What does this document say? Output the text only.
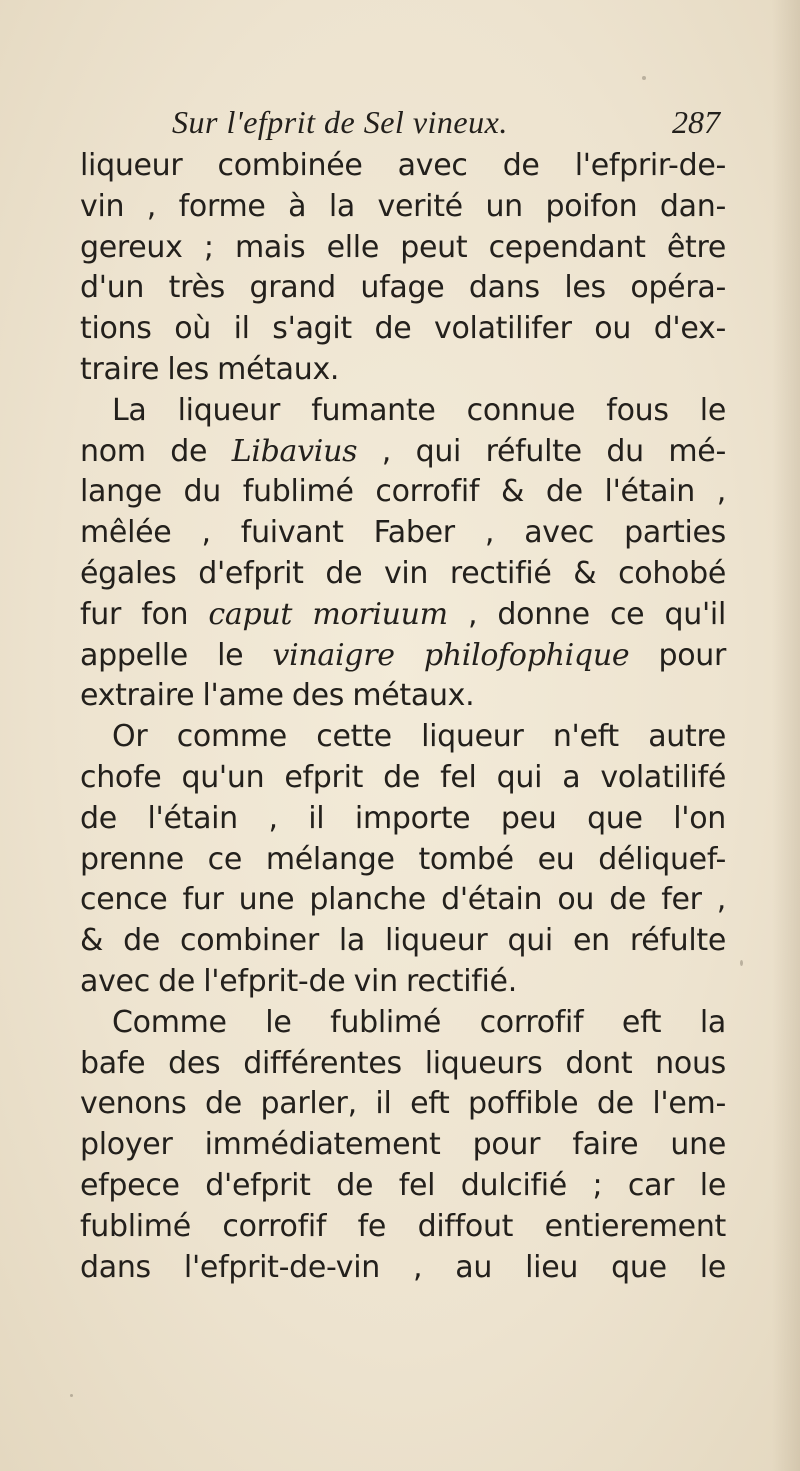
Sur l'efprit de Sel vineux.	287
liqueur combinée avec de l'efprir-de-
vin , forme à la verité un poifon dan-
gereux ; mais elle peut cependant être
d'un très grand ufage dans les opéra-
tions où il s'agit de volatilifer ou d'ex-
traire les métaux.
La liqueur fumante connue fous le
nom de Libavius , qui réfulte du mé-
lange du fublimé corrofif & de l'étain ,
mêlée , fuivant Faber , avec parties
égales d'efprit de vin rectifié & cohobé
fur fon caput moriuum , donne ce qu'il
appelle le vinaigre philofophique pour
extraire l'ame des métaux.
Or comme cette liqueur n'eft autre
chofe qu'un efprit de fel qui a volatilifé
de l'étain , il importe peu que l'on
prenne ce mélange tombé eu déliquef-
cence fur une planche d'étain ou de fer ,
& de combiner la liqueur qui en réfulte
avec de l'efprit-de vin rectifié.
Comme le fublimé corrofif eft la
bafe des différentes liqueurs dont nous
venons de parler, il eft poffible de l'em-
ployer immédiatement pour faire une
efpece d'efprit de fel dulcifié ; car le
fublimé corrofif fe diffout entierement
dans l'efprit-de-vin , au lieu que le
